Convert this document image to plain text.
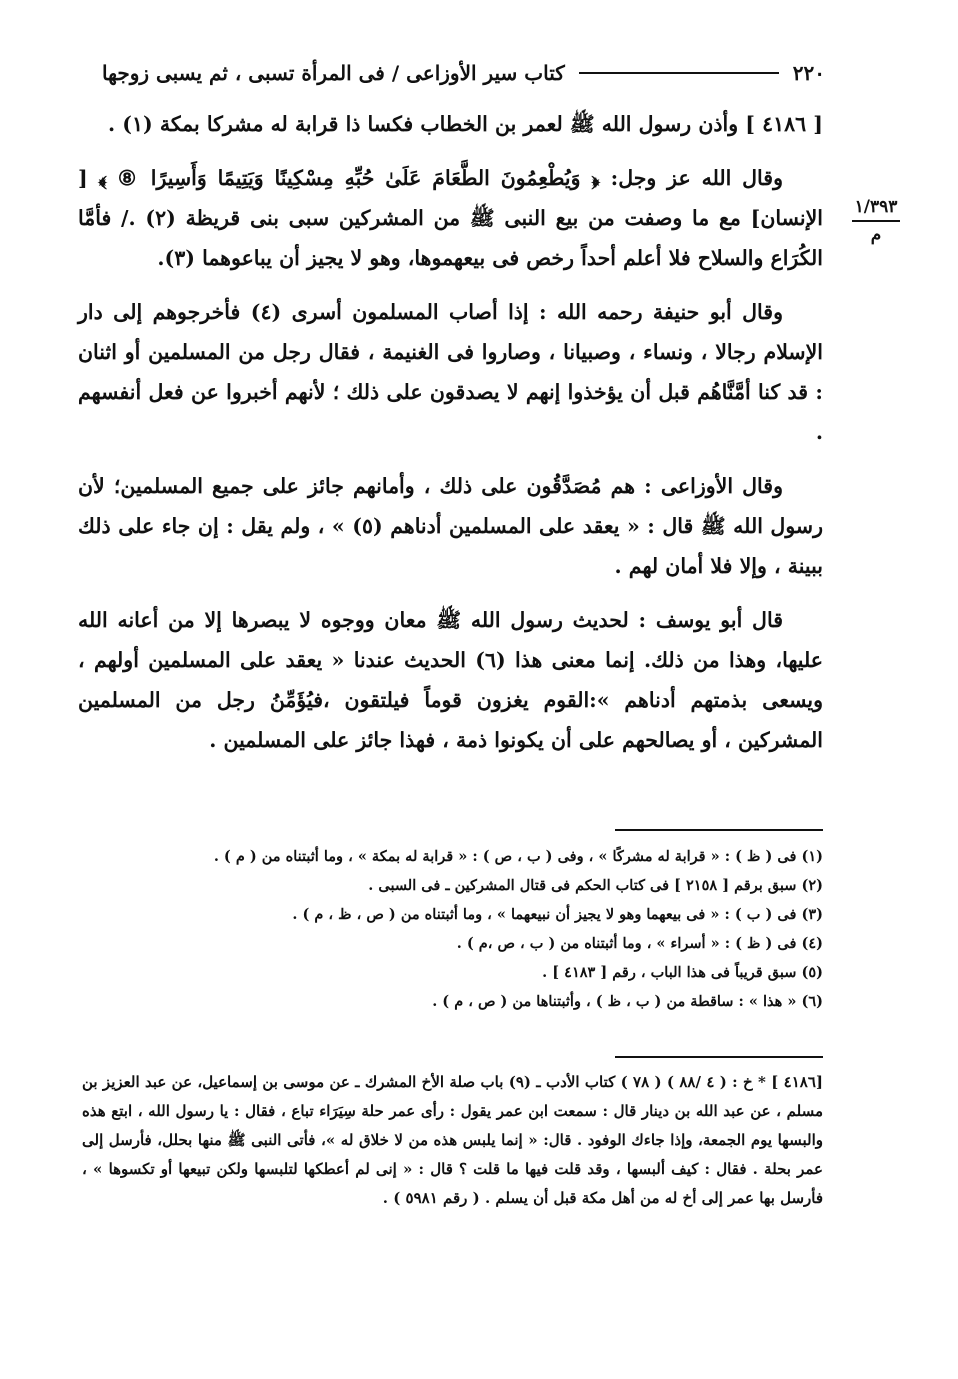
٢٢٠
كتاب سير الأوزاعى / فى المرأة تسبى ، ثم يسبى زوجها
١/٣٩٣
م

[ ٤١٨٦ ] وأذن رسول الله ﷺ لعمر بن الخطاب فكسا ذا قرابة له مشركا بمكة (١) .

وقال الله عز وجل: ﴿ وَيُطْعِمُونَ الطَّعَامَ عَلَىٰ حُبِّهِ مِسْكِينًا وَيَتِيمًا وَأَسِيرًا ⑧ ﴾ [ الإنسان] مع ما وصفت من بيع النبى ﷺ من المشركين سبى بنى قريظة (٢) ./ فأمَّا الكُرَاع والسلاح فلا أعلم أحداً رخص فى بيعهموها، وهو لا يجيز أن يباعوهما (٣).

وقال أبو حنيفة رحمه الله : إذا أصاب المسلمون أسرى (٤) فأخرجوهم إلى دار الإسلام رجالا ، ونساء ، وصبيانا ، وصاروا فى الغنيمة ، فقال رجل من المسلمين أو اثنان : قد كنا أمَّنَّاهُم قبل أن يؤخذوا إنهم لا يصدقون على ذلك ؛ لأنهم أخبروا عن فعل أنفسهم .

وقال الأوزاعى : هم مُصَدَّقُون على ذلك ، وأمانهم جائز على جميع المسلمين؛ لأن رسول الله ﷺ قال : « يعقد على المسلمين أدناهم (٥) » ، ولم يقل : إن جاء على ذلك ببينة ، وإلا فلا أمان لهم .

قال أبو يوسف : لحديث رسول الله ﷺ معان ووجوه لا يبصرها إلا من أعانه الله عليها، وهذا من ذلك. إنما معنى هذا (٦) الحديث عندنا « يعقد على المسلمين أولهم ، ويسعى بذمتهم أدناهم »:القوم يغزون قوماً فيلتقون ،فيُؤَمِّنُ رجل من المسلمين المشركين ، أو يصالحهم على أن يكونوا ذمة ، فهذا جائز على المسلمين .

(١) فى ( ظ ) : « قرابة له مشركًا » ، وفى ( ب ، ص ) : « قرابة له بمكة » ، وما أثبتناه من ( م ) .
(٢) سبق برقم [ ٢١٥٨ ] فى كتاب الحكم فى قتال المشركين ـ فى السبى .
(٣) فى ( ب ) : « فى بيعهما وهو لا يجيز أن نبيعهما » ، وما أثبتناه من ( ص ، ظ ، م ) .
(٤) فى ( ظ ) : « أسراء » ، وما أثبتناه من ( ب ، ص ،م ) .
(٥) سبق قريباً فى هذا الباب ، رقم [ ٤١٨٣ ] .
(٦) « هذا » : ساقطة من ( ب ، ظ ) ، وأثبتناها من ( ص ، م ) .

[٤١٨٦ ] * خ : ( ٤ /٨٨ ) ( ٧٨ ) كتاب الأدب ـ (٩) باب صلة الأخ المشرك ـ عن موسى بن إسماعيل، عن عبد العزيز بن مسلم ، عن عبد الله بن دينار قال : سمعت ابن عمر يقول : رأى عمر حلة سِيَرَاء تباع ، فقال : يا رسول الله ، ابتع هذه والبسها يوم الجمعة، وإذا جاءك الوفود . قال: « إنما يلبس هذه من لا خلاق له »، فأتى النبى ﷺ منها بحلل، فأرسل إلى عمر بحلة . فقال : كيف ألبسها ، وقد قلت فيها ما قلت ؟ قال : « إنى لم أعطكها لتلبسها ولكن تبيعها أو تكسوها » ، فأرسل بها عمر إلى أخ له من أهل مكة قبل أن يسلم . ( رقم ٥٩٨١ ) .
